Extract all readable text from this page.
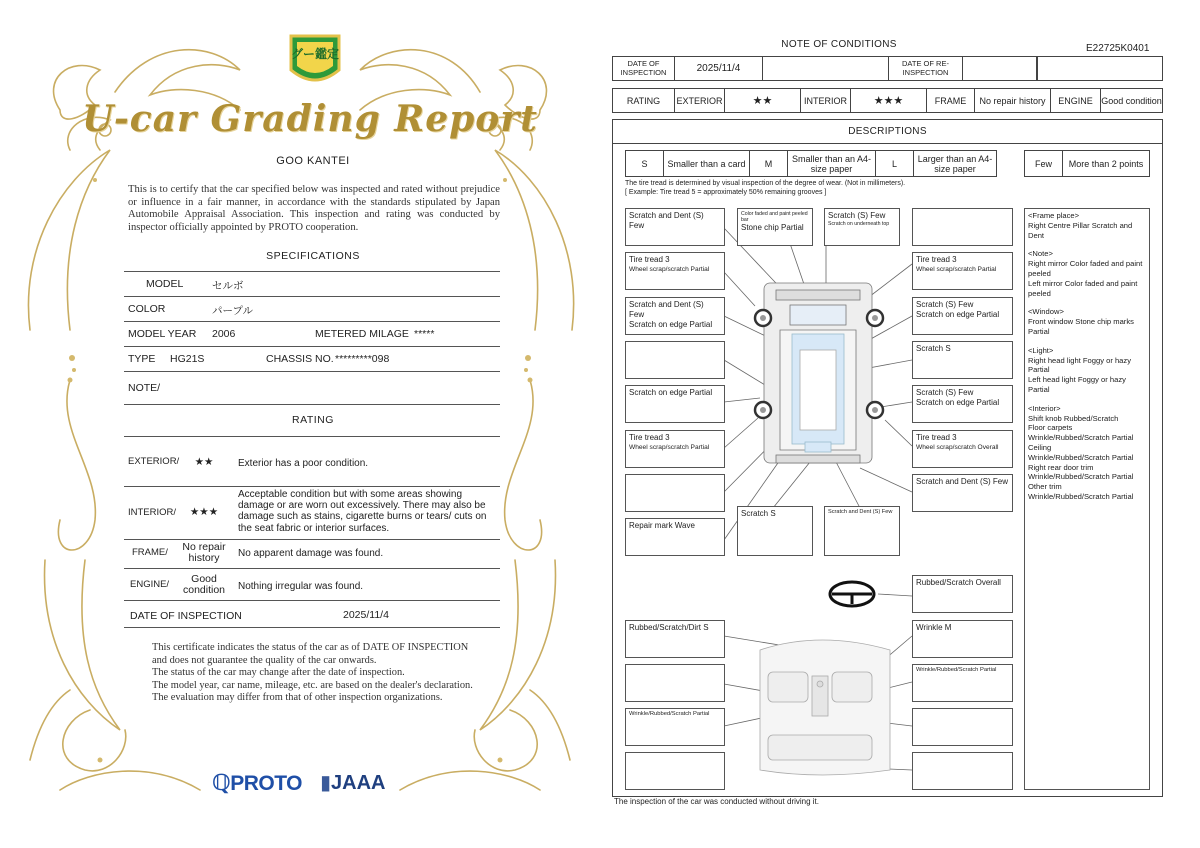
グー鑑定
U-car Grading Report
GOO KANTEI
This is to certify that the car specified below was inspected and rated without prejudice or influence in a fair manner, in accordance with the standards stipulated by Japan Automobile Appraisal Association. This inspection and rating was conducted by inspector officially appointed by PROTO cooperation.
SPECIFICATIONS
MODEL	セルボ
COLOR	パープル
MODEL YEAR 2006	METERED MILAGE *****
TYPE HG21S	CHASSIS NO. *********098
NOTE/
RATING
EXTERIOR/	★★	Exterior has a poor condition.
INTERIOR/	★★★
Acceptable condition but with some areas showing damage or are worn out excessively. There may also be damage such as stains, cigarette burns or tears/ cuts on the seat fabric or interior surfaces.
FRAME/	No repair history	No apparent damage was found.
ENGINE/	Good condition	Nothing irregular was found.
DATE OF INSPECTION	2025/11/4
This certificate indicates the status of the car as of DATE OF INSPECTION and does not guarantee the quality of the car onwards.
The status of the car may change after the date of inspection.
The model year, car name, mileage, etc. are based on the dealer's declaration.
The evaluation may differ from that of other inspection organizations.
ℚPROTO ▮JAAA
NOTE OF CONDITIONS	E22725K0401
DATE OF INSPECTION	2025/11/4	DATE OF RE-INSPECTION
RATING	EXTERIOR	★★	INTERIOR	★★★	FRAME	No repair history	ENGINE Good condition
DESCRIPTIONS
S	Smaller than a card	M	Smaller than an A4-size paper	L	Larger than an A4-size paper	Few	More than 2 points
The tire tread is determined by visual inspection of the degree of wear. (Not in millimeters).
[ Example: Tire tread 5 = approximately 50% remaining grooves ]
Scratch and Dent (S) Few
Tire tread 3
Wheel scrap/scratch Partial
Scratch and Dent (S) Few
Scratch on edge Partial
Scratch on edge Partial
Tire tread 3
Wheel scrap/scratch Partial
Repair mark Wave
Color faded and paint peeled bar
Stone chip Partial
Scratch (S) Few
Scratch on underneath top
Tire tread 3
Wheel scrap/scratch Partial
Scratch (S) Few
Scratch on edge Partial
Scratch S
Scratch (S) Few
Scratch on edge Partial
Tire tread 3
Wheel scrap/scratch Overall
Scratch and Dent (S) Few
Scratch S	Scratch and Dent (S) Few
Rubbed/Scratch Overall
Rubbed/Scratch/Dirt S	Wrinkle M
Wrinkle/Rubbed/Scratch Partial
Wrinkle/Rubbed/Scratch Partial
<Frame place>
Right Centre Pillar Scratch and Dent
<Note>
Right mirror Color faded and paint peeled
Left mirror Color faded and paint peeled
<Window>
Front window Stone chip marks Partial
<Light>
Right head light Foggy or hazy Partial
Left head light Foggy or hazy Partial
<Interior>
Shift knob Rubbed/Scratch
Floor carpets
Wrinkle/Rubbed/Scratch Partial
Ceiling
Wrinkle/Rubbed/Scratch Partial
Right rear door trim
Wrinkle/Rubbed/Scratch Partial
Other trim
Wrinkle/Rubbed/Scratch Partial
The inspection of the car was conducted without driving it.
